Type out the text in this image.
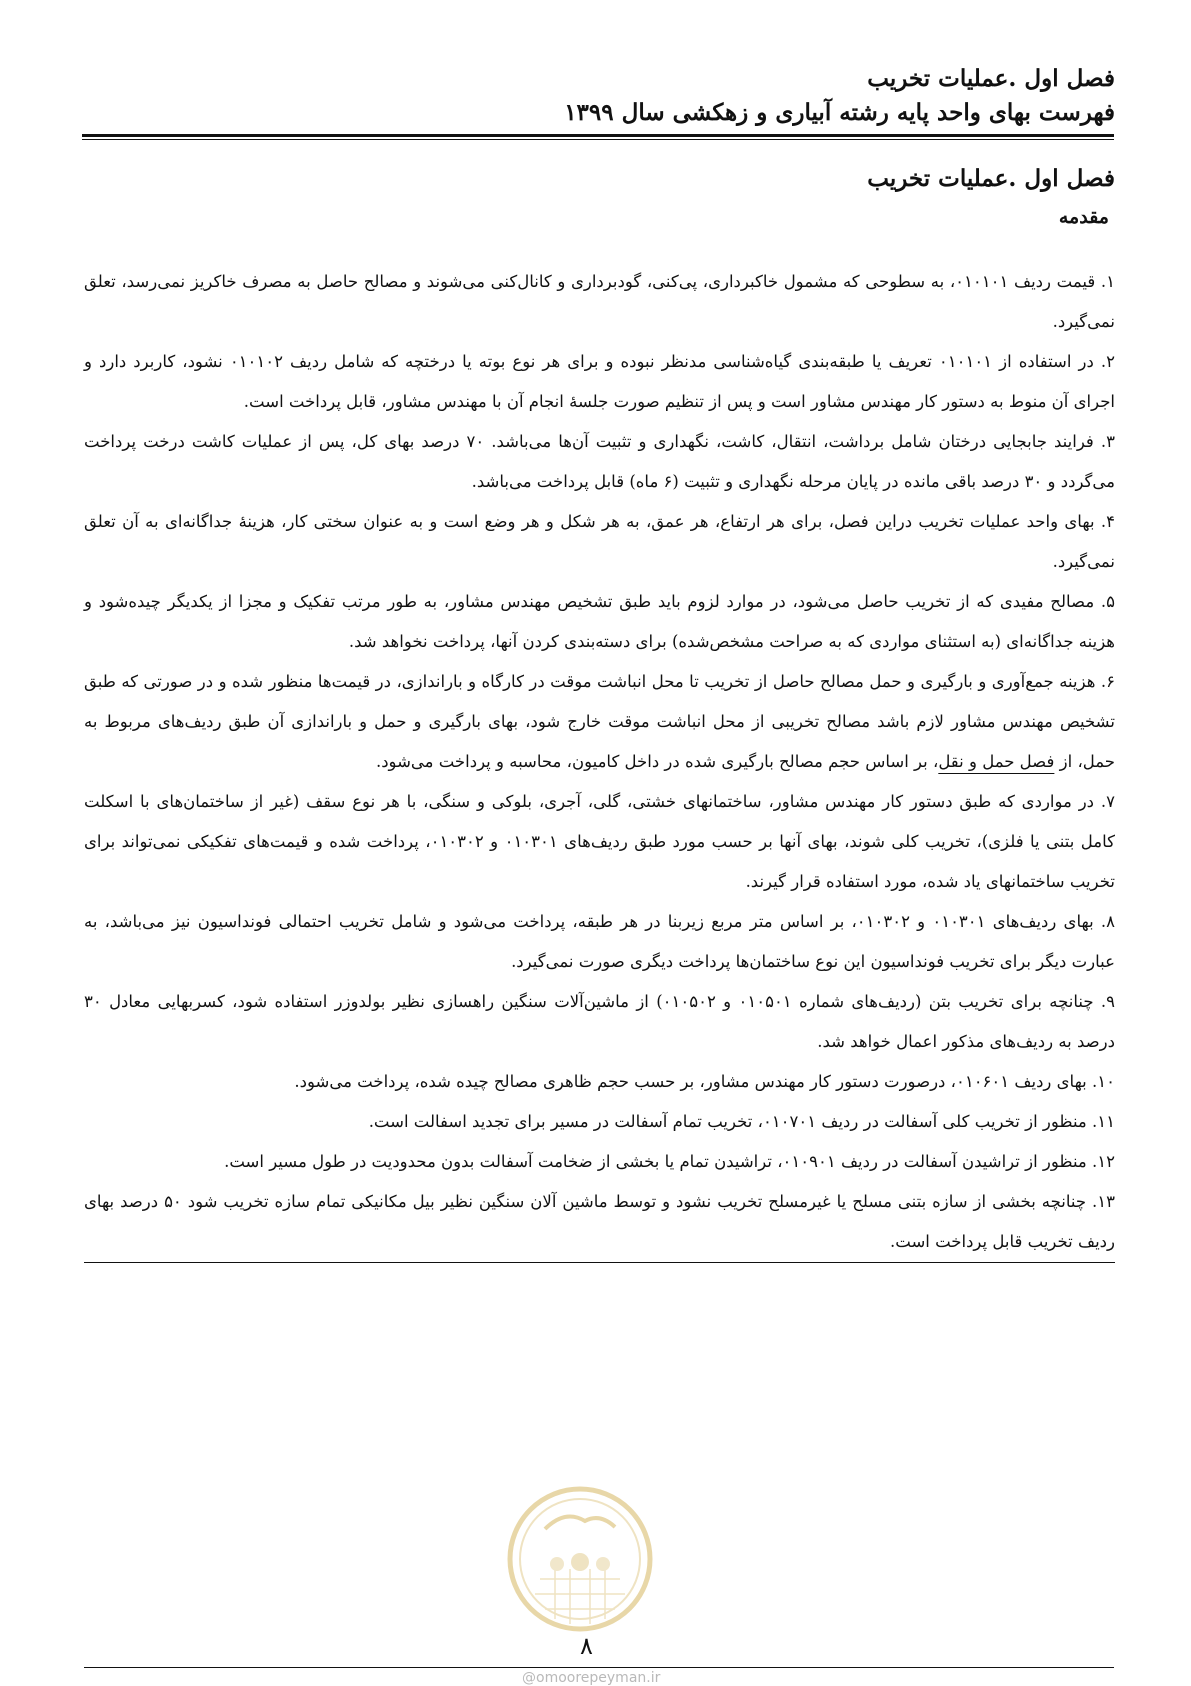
فصل اول .عملیات تخریب
فهرست بهای واحد پایه رشته آبیاری و زهکشی سال ۱۳۹۹
فصل اول .عملیات تخریب
مقدمه

۱. قیمت ردیف ۰۱۰۱۰۱، به سطوحی که مشمول خاکبرداری، پی‌کنی، گودبرداری و کانال‌کنی می‌شوند و مصالح حاصل به مصرف خاکریز نمی‌رسد، تعلق نمی‌گیرد.

۲. در استفاده از ۰۱۰۱۰۱ تعریف یا طبقه‌بندی گیاه‌شناسی مدنظر نبوده و برای هر نوع بوته یا درختچه که شامل ردیف ۰۱۰۱۰۲ نشود، کاربرد دارد و اجرای آن منوط به دستور کار مهندس مشاور است و پس از تنظیم صورت جلسهٔ انجام آن با مهندس مشاور، قابل پرداخت است.

۳. فرایند جابجایی درختان شامل برداشت، انتقال، کاشت، نگهداری و تثبیت آن‌ها می‌باشد. ۷۰ درصد بهای کل، پس از عملیات کاشت درخت پرداخت می‌گردد و ۳۰ درصد باقی مانده در پایان مرحله نگهداری و تثبیت (۶ ماه) قابل پرداخت می‌باشد.

۴. بهای واحد عملیات تخریب دراین فصل، برای هر ارتفاع، هر عمق، به هر شکل و هر وضع است و به عنوان سختی کار، هزینهٔ جداگانه‌ای به آن تعلق نمی‌گیرد.

۵. مصالح مفیدی که از تخریب حاصل می‌شود، در موارد لزوم باید طبق تشخیص مهندس مشاور، به طور مرتب تفکیک و مجزا از یکدیگر چیده‌شود و هزینه جداگانه‌ای (به استثنای مواردی که به صراحت مشخص‌شده) برای دسته‌بندی کردن آنها، پرداخت نخواهد شد.

۶. هزینه جمع‌آوری و بارگیری و حمل مصالح حاصل از تخریب تا محل انباشت موقت در کارگاه و باراندازی، در قیمت‌ها منظور شده و در صورتی که طبق تشخیص مهندس مشاور لازم باشد مصالح تخریبی از محل انباشت موقت خارج شود، بهای بارگیری و حمل و باراندازی آن طبق ردیف‌های مربوط به حمل، از فصل حمل و نقل، بر اساس حجم مصالح بارگیری شده در داخل کامیون، محاسبه و پرداخت می‌شود.

۷. در مواردی که طبق دستور کار مهندس مشاور، ساختمانهای خشتی، گلی، آجری، بلوکی و سنگی، با هر نوع سقف (غیر از ساختمان‌های با اسکلت کامل بتنی یا فلزی)، تخریب کلی شوند، بهای آنها بر حسب مورد طبق ردیف‌های ۰۱۰۳۰۱ و ۰۱۰۳۰۲، پرداخت شده و قیمت‌های تفکیکی نمی‌تواند برای تخریب ساختمانهای یاد شده، مورد استفاده قرار گیرند.

۸. بهای ردیف‌های ۰۱۰۳۰۱ و ۰۱۰۳۰۲، بر اساس متر مربع زیربنا در هر طبقه، پرداخت می‌شود و شامل تخریب احتمالی فونداسیون نیز می‌باشد، به عبارت دیگر برای تخریب فونداسیون این نوع ساختمان‌ها پرداخت دیگری صورت نمی‌گیرد.

۹. چنانچه برای تخریب بتن (ردیف‌های شماره ۰۱۰۵۰۱ و ۰۱۰۵۰۲) از ماشین‌آلات سنگین راهسازی نظیر بولدوزر استفاده شود، کسربهایی معادل ۳۰ درصد به ردیف‌های مذکور اعمال خواهد شد.

۱۰. بهای ردیف ۰۱۰۶۰۱، درصورت دستور کار مهندس مشاور، بر حسب حجم ظاهری مصالح چیده شده، پرداخت می‌شود.

۱۱. منظور از تخریب کلی آسفالت در ردیف ۰۱۰۷۰۱، تخریب تمام آسفالت در مسیر برای تجدید اسفالت است.

۱۲. منظور از تراشیدن آسفالت در ردیف ۰۱۰۹۰۱، تراشیدن تمام یا بخشی از ضخامت آسفالت بدون محدودیت در طول مسیر است.

۱۳. چنانچه بخشی از سازه بتنی مسلح یا غیرمسلح تخریب نشود و توسط ماشین آلان سنگین نظیر بیل مکانیکی تمام سازه تخریب شود ۵۰ درصد بهای ردیف تخریب قابل پرداخت است.

۸
@omoorepeyman.ir
